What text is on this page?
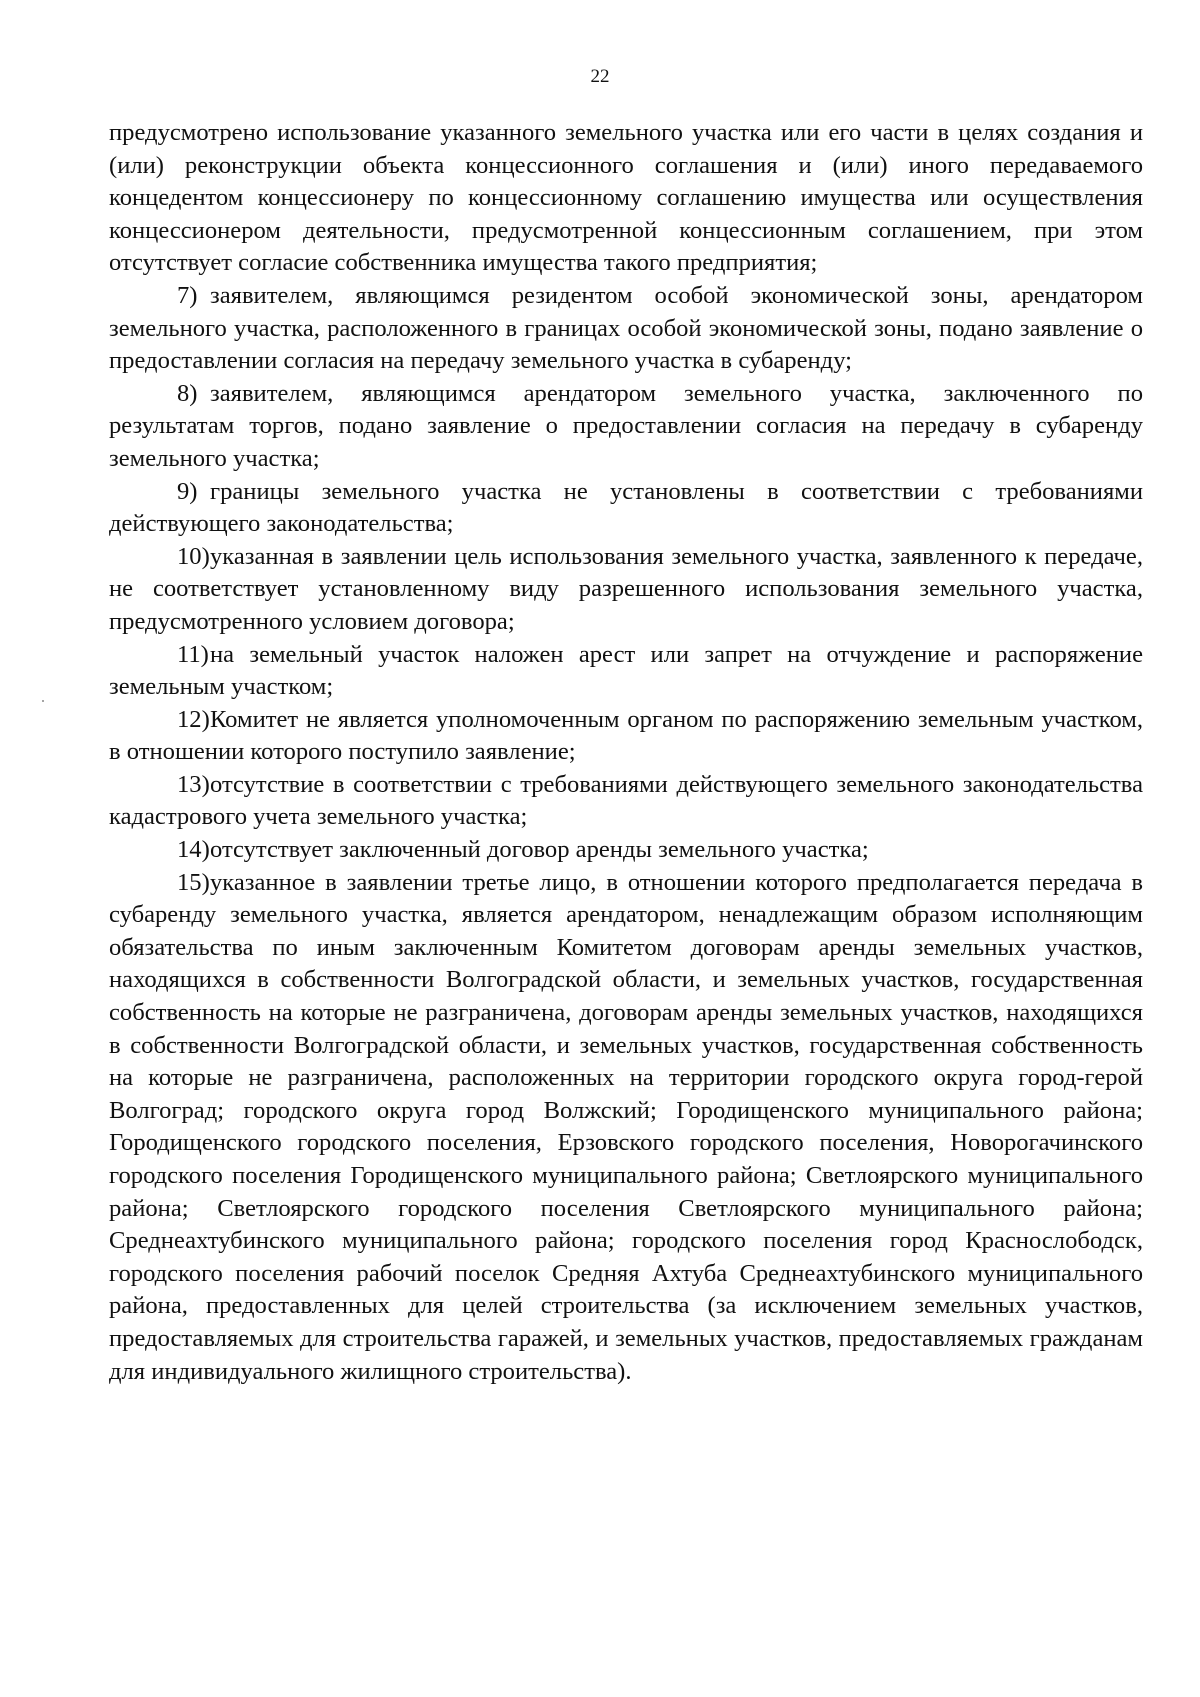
22

предусмотрено использование указанного земельного участка или его части в целях создания и (или) реконструкции объекта концессионного соглашения и (или) иного передаваемого концедентом концессионеру по концессионному соглашению имущества или осуществления концессионером деятельности, предусмотренной концессионным соглашением, при этом отсутствует согласие собственника имущества такого предприятия;

7) заявителем, являющимся резидентом особой экономической зоны, арендатором земельного участка, расположенного в границах особой экономической зоны, подано заявление о предоставлении согласия на передачу земельного участка в субаренду;

8) заявителем, являющимся арендатором земельного участка, заключенного по результатам торгов, подано заявление о предоставлении согласия на передачу в субаренду земельного участка;

9) границы земельного участка не установлены в соответствии с требованиями действующего законодательства;

10)указанная в заявлении цель использования земельного участка, заявленного к передаче, не соответствует установленному виду разрешенного использования земельного участка, предусмотренного условием договора;

11)на земельный участок наложен арест или запрет на отчуждение и распоряжение земельным участком;

12)Комитет не является уполномоченным органом по распоряжению земельным участком, в отношении которого поступило заявление;

13)отсутствие в соответствии с требованиями действующего земельного законодательства кадастрового учета земельного участка;

14)отсутствует заключенный договор аренды земельного участка;

15)указанное в заявлении третье лицо, в отношении которого предполагается передача в субаренду земельного участка, является арендатором, ненадлежащим образом исполняющим обязательства по иным заключенным Комитетом договорам аренды земельных участков, находящихся в собственности Волгоградской области, и земельных участков, государственная собственность на которые не разграничена, договорам аренды земельных участков, находящихся в собственности Волгоградской области, и земельных участков, государственная собственность на которые не разграничена, расположенных на территории городского округа город-герой Волгоград; городского округа город Волжский; Городищенского муниципального района; Городищенского городского поселения, Ерзовского городского поселения, Новорогачинского городского поселения Городищенского муниципального района; Светлоярского муниципального района; Светлоярского городского поселения Светлоярского муниципального района; Среднеахтубинского муниципального района; городского поселения город Краснослободск, городского поселения рабочий поселок Средняя Ахтуба Среднеахтубинского муниципального района, предоставленных для целей строительства (за исключением земельных участков, предоставляемых для строительства гаражей, и земельных участков, предоставляемых гражданам для индивидуального жилищного строительства).
